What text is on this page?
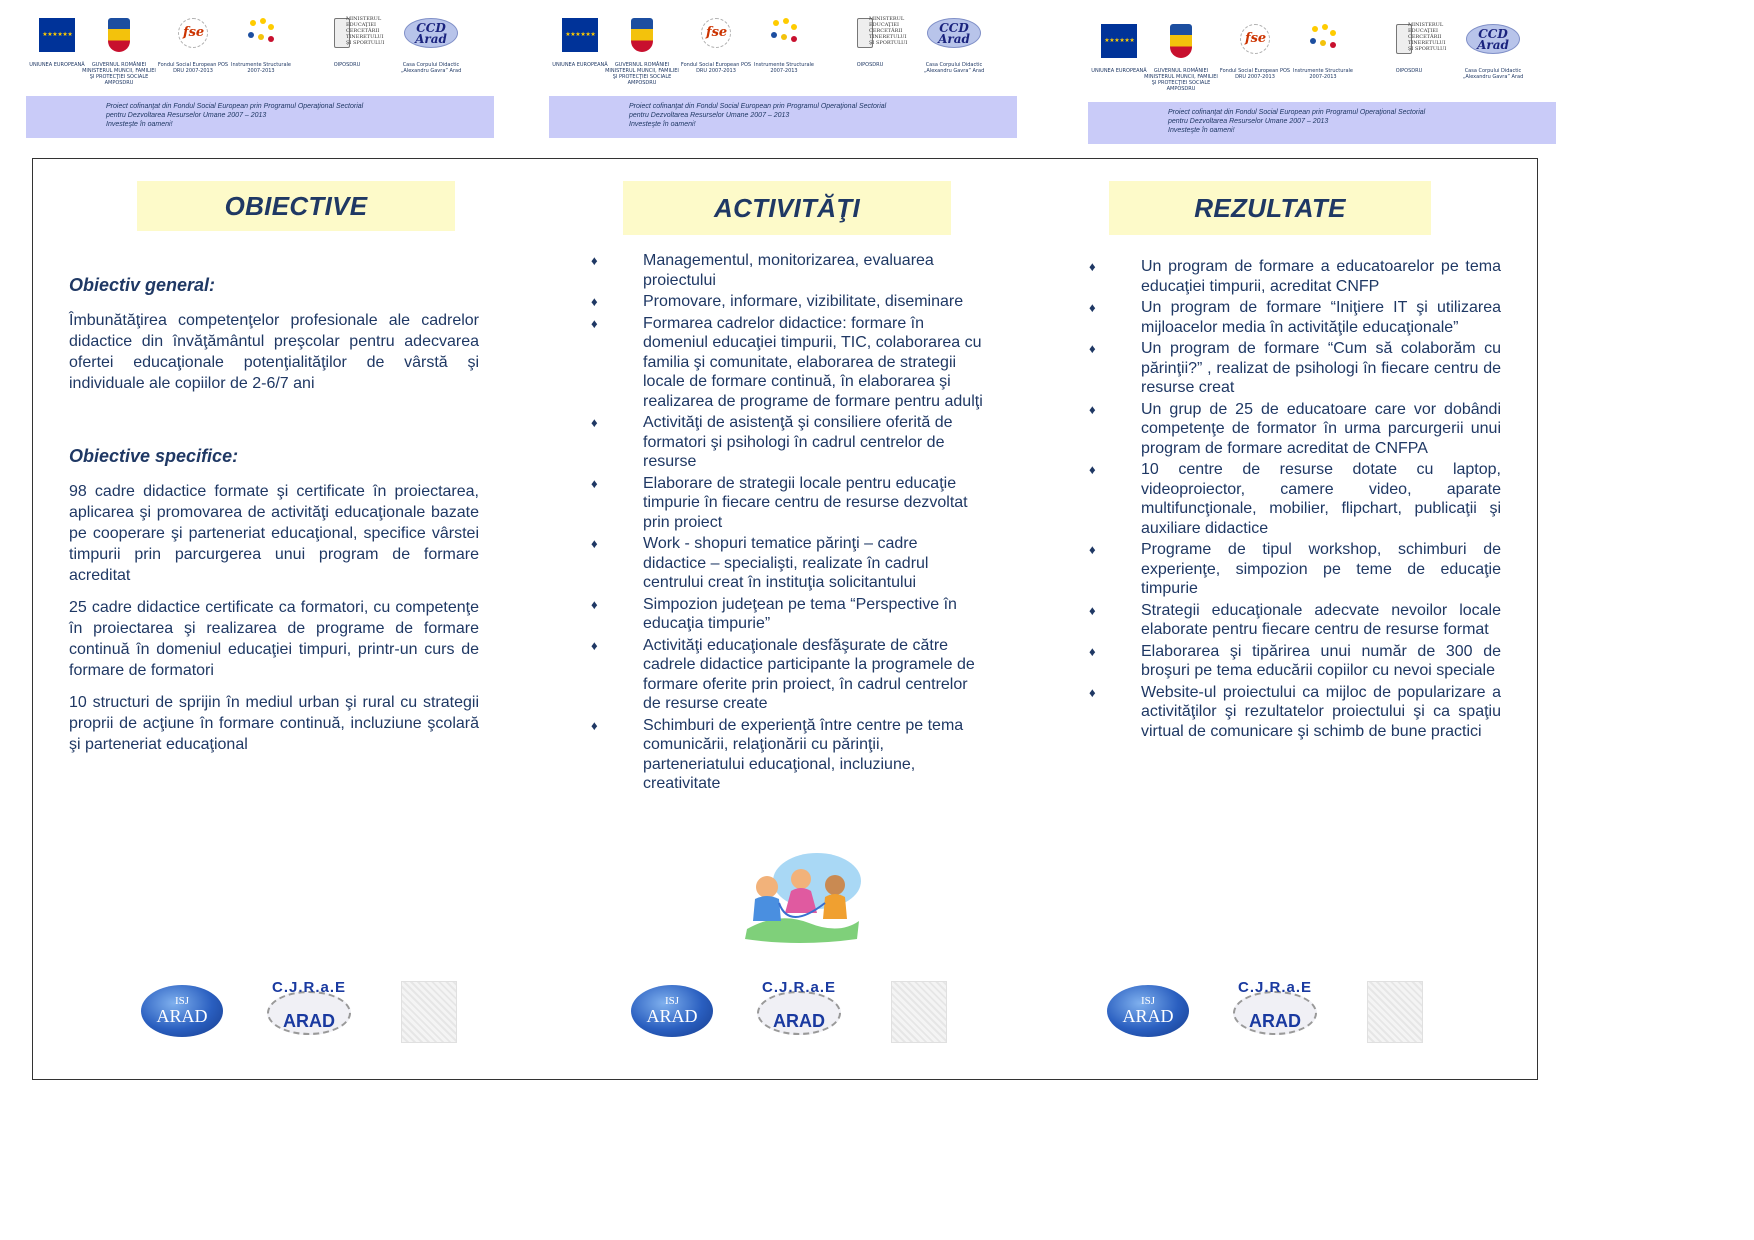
★ ★ ★ ★ ★ ★
UNIUNEA EUROPEANĂ	GUVERNUL ROMÂNIEI MINISTERUL MUNCII, FAMILIEI ŞI PROTECŢIEI SOCIALE AMPOSDRU
fse
Fondul Social European POS DRU 2007-2013
Instrumente Structurale 2007-2013
MINISTERUL EDUCAŢIEI CERCETĂRII TINERETULUI ŞI SPORTULUI
OIPOSDRU
CCD Arad
Casa Corpului Didactic „Alexandru Gavra” Arad
Proiect cofinanţat din Fondul Social European prin Programul Operaţional Sectorial
pentru Dezvoltarea Resurselor Umane 2007 – 2013
Investeşte în oameni!
★ ★ ★ ★ ★ ★
UNIUNEA EUROPEANĂ	GUVERNUL ROMÂNIEI MINISTERUL MUNCII, FAMILIEI ŞI PROTECŢIEI SOCIALE AMPOSDRU
fse
Fondul Social European POS DRU 2007-2013
Instrumente Structurale 2007-2013
MINISTERUL EDUCAŢIEI CERCETĂRII TINERETULUI ŞI SPORTULUI
OIPOSDRU
CCD Arad
Casa Corpului Didactic „Alexandru Gavra” Arad
Proiect cofinanţat din Fondul Social European prin Programul Operaţional Sectorial
pentru Dezvoltarea Resurselor Umane 2007 – 2013
Investeşte în oameni!
★ ★ ★ ★ ★ ★
UNIUNEA EUROPEANĂ	GUVERNUL ROMÂNIEI MINISTERUL MUNCII, FAMILIEI ŞI PROTECŢIEI SOCIALE AMPOSDRU
fse
Fondul Social European POS DRU 2007-2013
Instrumente Structurale 2007-2013
MINISTERUL EDUCAŢIEI CERCETĂRII TINERETULUI ŞI SPORTULUI
OIPOSDRU
CCD Arad
Casa Corpului Didactic „Alexandru Gavra” Arad
Proiect cofinanţat din Fondul Social European prin Programul Operaţional Sectorial
pentru Dezvoltarea Resurselor Umane 2007 – 2013
Investeşte în oameni!
OBIECTIVE
Obiectiv general:

Îmbunătăţirea competenţelor profesionale ale cadrelor didactice din învăţământul preşcolar pentru adecvarea ofertei educaţionale potenţialităţilor de vârstă şi individuale ale copiilor de 2-6/7 ani

Obiective specifice:

98 cadre didactice formate şi certificate în proiectarea, aplicarea şi promovarea de activităţi educaţionale bazate pe cooperare şi parteneriat educaţional, specifice vârstei timpurii prin parcurgerea unui program de formare acreditat

25 cadre didactice certificate ca formatori, cu competenţe în proiectarea şi realizarea de programe de formare continuă în domeniul educaţiei timpuri, printr-un curs de formare de formatori

10 structuri de sprijin în mediul urban şi rural cu strategii proprii de acţiune în formare continuă, incluziune şcolară şi parteneriat educaţional

ACTIVITĂŢI
♦	Managementul, monitorizarea, evaluarea proiectului
♦	Promovare, informare, vizibilitate, diseminare
♦	Formarea cadrelor didactice: formare în domeniul educaţiei timpurii, TIC, colaborarea cu familia şi comunitate, elaborarea de strategii locale de formare continuă, în elaborarea şi realizarea de programe de formare pentru adulţi
♦	Activităţi de asistenţă şi consiliere oferită de formatori şi psihologi în cadrul centrelor de resurse
♦	Elaborare de strategii locale pentru educaţie timpurie în fiecare centru de resurse dezvoltat prin proiect
♦	Work - shopuri tematice părinţi – cadre didactice – specialişti, realizate în cadrul centrului creat în instituţia solicitantului
♦	Simpozion judeţean pe tema “Perspective în educaţia timpurie”
♦	Activităţi educaţionale desfăşurate de către cadrele didactice participante la programele de formare oferite prin proiect, în cadrul centrelor de resurse create
♦	Schimburi de experienţă între centre pe tema comunicării, relaţionării cu părinţii, parteneriatului educaţional, incluziune, creativitate
REZULTATE
♦	Un program de formare a educatoarelor pe tema educaţiei timpurii, acreditat CNFP
♦	Un program de formare “Iniţiere IT şi utilizarea mijloacelor media în activităţile educaţionale”
♦	Un program de formare “Cum să colaborăm cu părinţii?” , realizat de psihologi în fiecare centru de resurse creat
♦	Un grup de 25 de educatoare care vor dobândi competenţe de formator în urma parcurgerii unui program de formare acreditat de CNFPA
♦	10 centre de resurse dotate cu laptop, videoproiector, camere video, aparate multifuncţionale, mobilier, flipchart, publicaţii şi auxiliare didactice
♦	Programe de tipul workshop, schimburi de experienţe, simpozion pe teme de educaţie timpurie
♦	Strategii educaţionale adecvate nevoilor locale elaborate pentru fiecare centru de resurse format
♦	Elaborarea şi tipărirea unui număr de 300 de broşuri pe tema educării copiilor cu nevoi speciale
♦	Website-ul proiectului ca mijloc de popularizare a activităţilor şi rezultatelor proiectului şi ca spaţiu virtual de comunicare şi schimb de bune practici
ISJ
ARAD
C.J.R.a.E
ARAD
ISJ
ARAD
C.J.R.a.E
ARAD
ISJ
ARAD
C.J.R.a.E
ARAD
